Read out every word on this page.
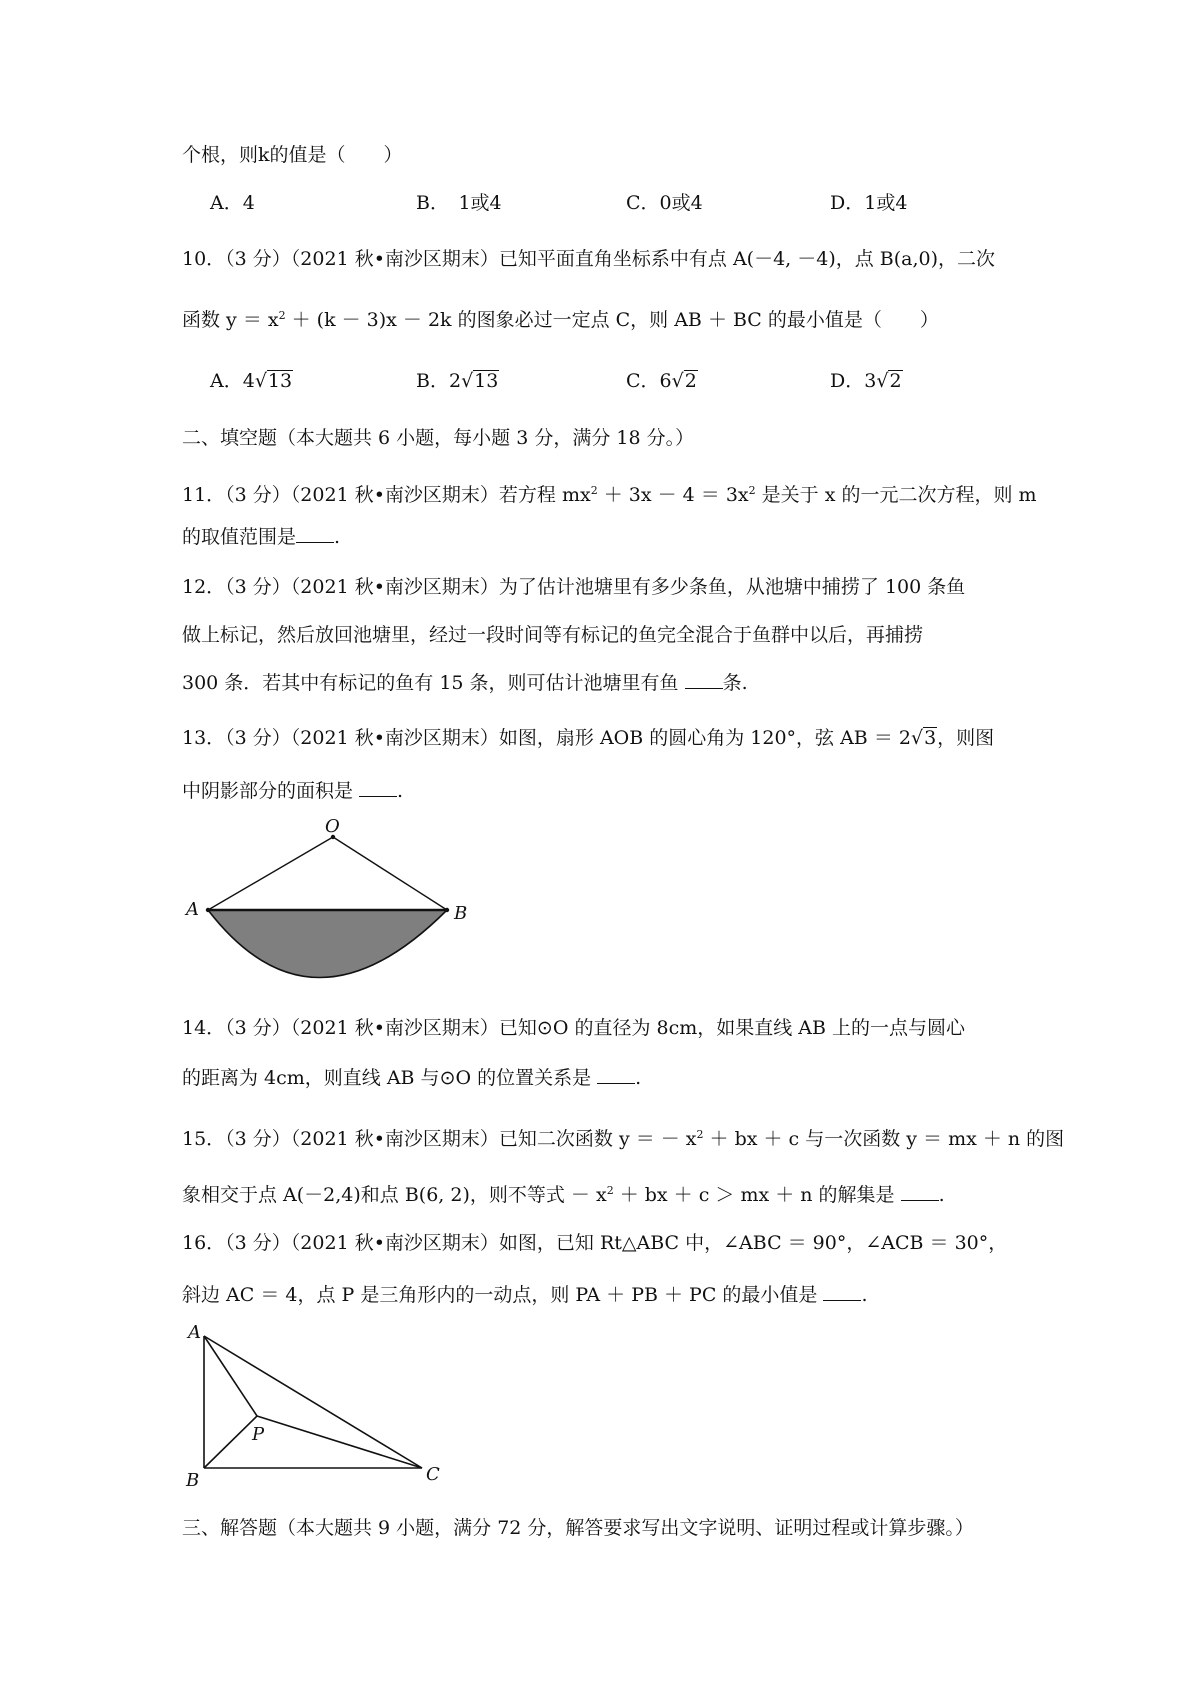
个根，则k的值是（　　）
A．4	B．　1或4	C．0或4	D．1或4
10．（3 分）（2021 秋•南沙区期末）已知平面直角坐标系中有点 A(－4, －4)，点 B(a,0)，二次
函数 $y = x^2 + (k - 3)x - 2k$ 的图象必过一定点 C，则 AB ＋ BC 的最小值是（　　）
A．4√13	B．2√13	C．6√2	D．3√2
二、填空题（本大题共 6 小题，每小题 3 分，满分 18 分。）
11．（3 分）（2021 秋•南沙区期末）若方程 $mx^2 + 3x - 4 = 3x^2$ 是关于 x 的一元二次方程，则 m
的取值范围是 .
12．（3 分）（2021 秋•南沙区期末）为了估计池塘里有多少条鱼，从池塘中捕捞了 100 条鱼
做上标记，然后放回池塘里，经过一段时间等有标记的鱼完全混合于鱼群中以后，再捕捞
300 条．若其中有标记的鱼有 15 条，则可估计池塘里有鱼 条.
13．（3 分）（2021 秋•南沙区期末）如图，扇形 AOB 的圆心角为 120°，弦 AB ＝ 2√3，则图
中阴影部分的面积是 .
O
A	B
14．（3 分）（2021 秋•南沙区期末）已知⊙O 的直径为 8cm，如果直线 AB 上的一点与圆心
的距离为 4cm，则直线 AB 与⊙O 的位置关系是 .
15．（3 分）（2021 秋•南沙区期末）已知二次函数 y ＝ － $x^2$ ＋ bx ＋ c 与一次函数 y ＝ mx ＋ n 的图
象相交于点 A(－2,4)和点 B(6, 2)，则不等式 － $x^2$ ＋ bx ＋ c ＞ mx ＋ n 的解集是 .
16．（3 分）（2021 秋•南沙区期末）如图，已知 Rt△ABC 中，∠ABC ＝ 90°，∠ACB ＝ 30°，
斜边 AC ＝ 4，点 P 是三角形内的一动点，则 PA ＋ PB ＋ PC 的最小值是 .
A
B	C
P
三、解答题（本大题共 9 小题，满分 72 分，解答要求写出文字说明、证明过程或计算步骤。）
